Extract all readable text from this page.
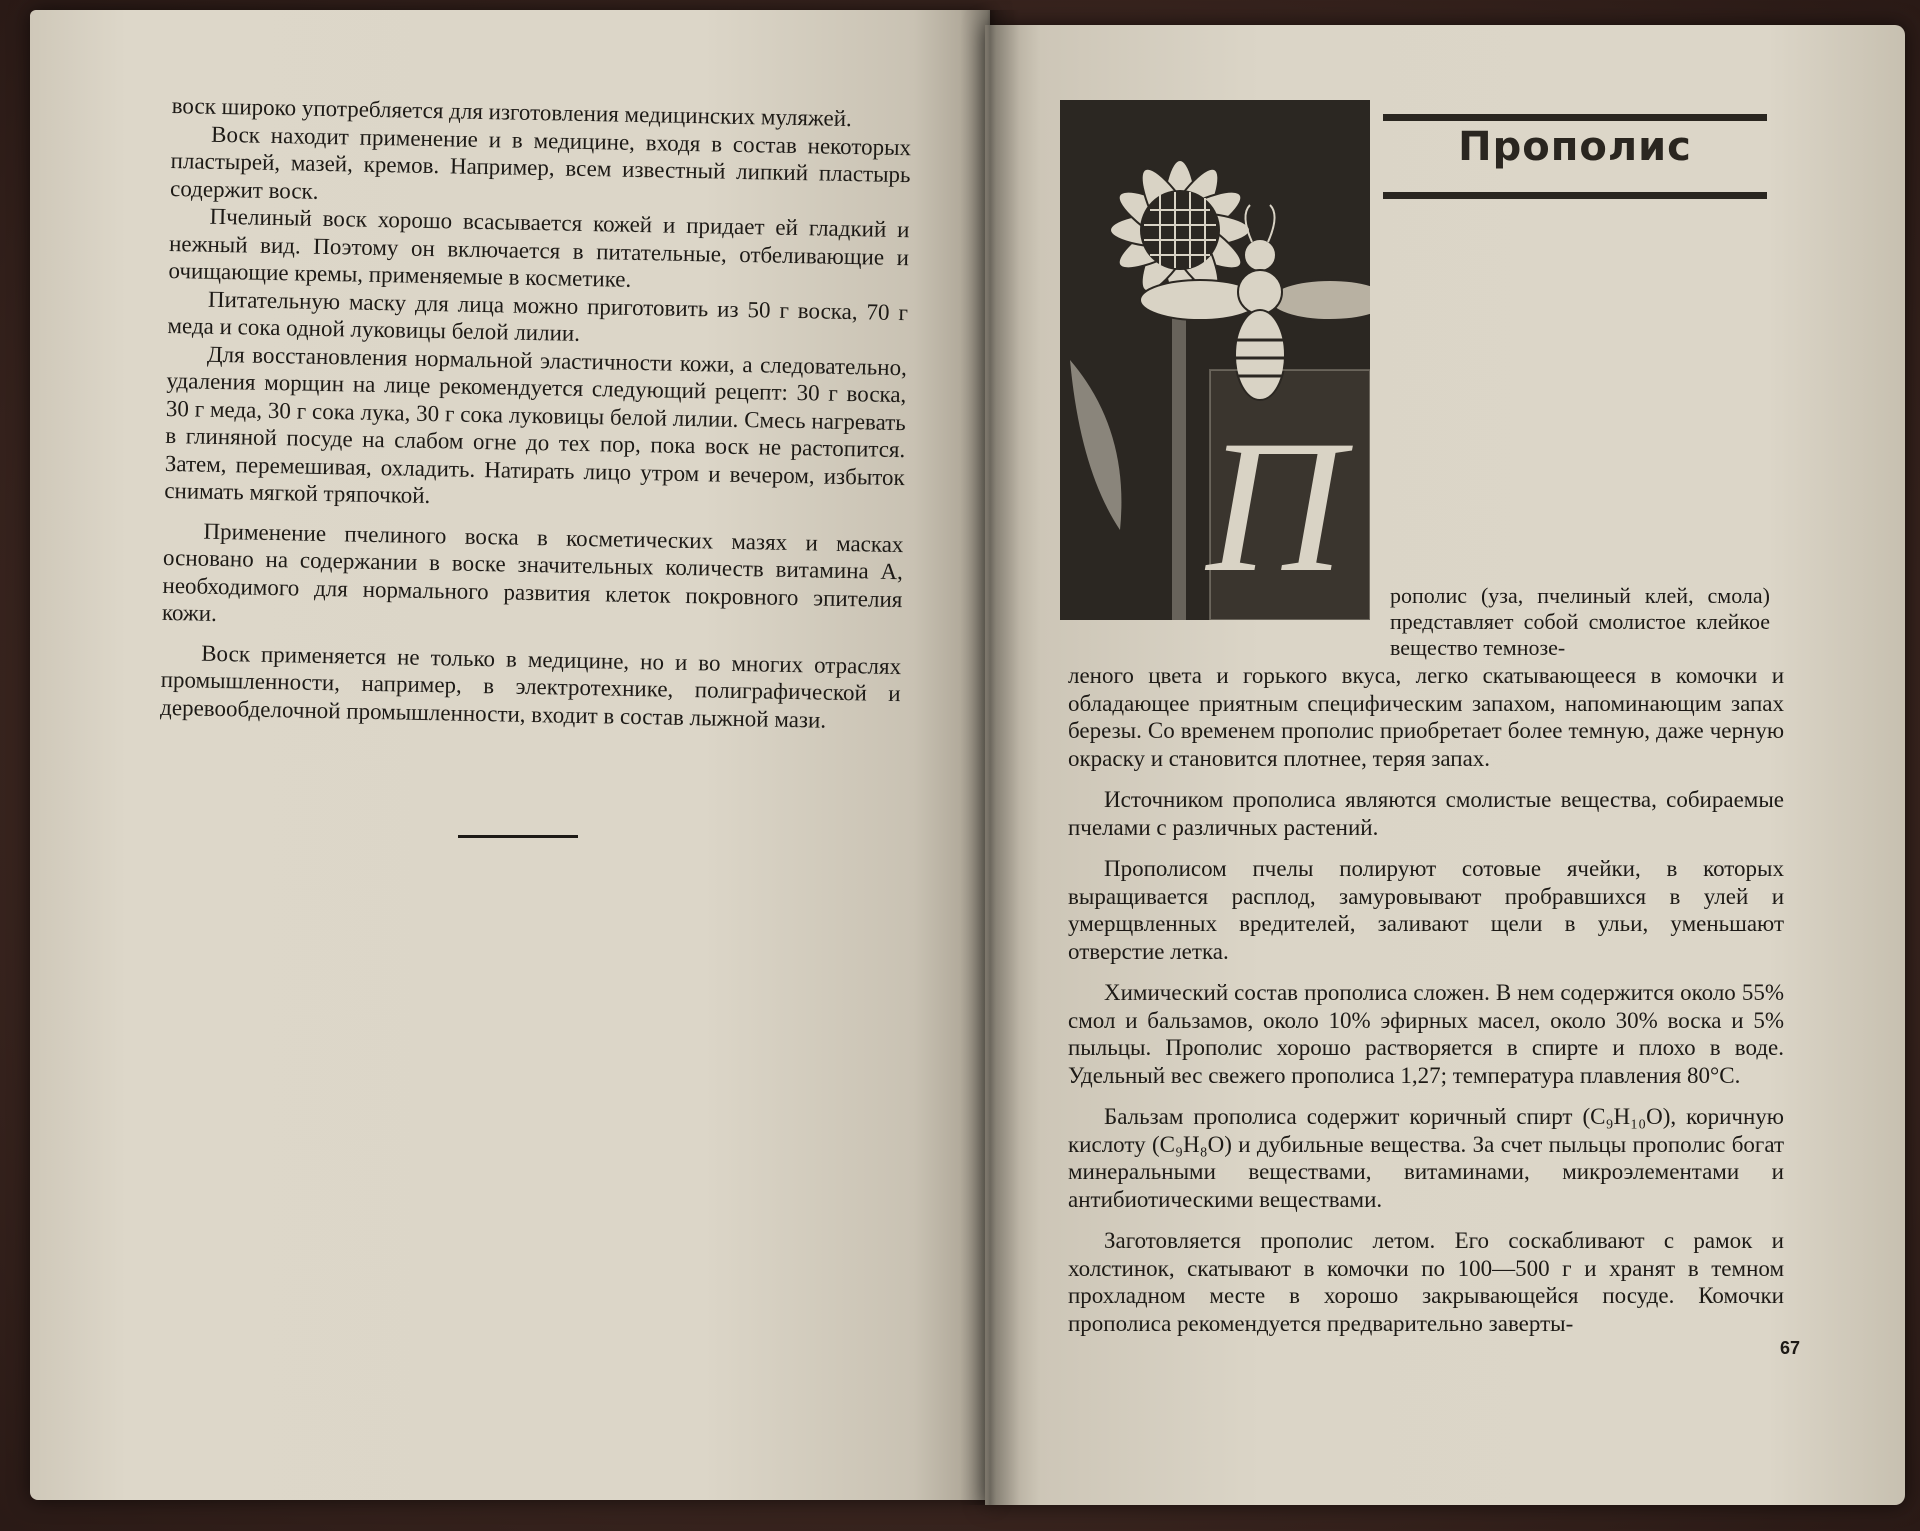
воск широко употребляется для изготовления медицинских муляжей.

Воск находит применение и в медицине, входя в состав некоторых пластырей, мазей, кремов. Например, всем известный липкий пластырь содержит воск.

Пчелиный воск хорошо всасывается кожей и придает ей гладкий и нежный вид. Поэтому он включается в питательные, отбеливающие и очищающие кремы, применяемые в косметике.

Питательную маску для лица можно приготовить из 50 г воска, 70 г меда и сока одной луковицы белой лилии.

Для восстановления нормальной эластичности кожи, а следовательно, удаления морщин на лице рекомендуется следующий рецепт: 30 г воска, 30 г меда, 30 г сока лука, 30 г сока луковицы белой лилии. Смесь нагревать в глиняной посуде на слабом огне до тех пор, пока воск не растопится. Затем, перемешивая, охладить. Натирать лицо утром и вечером, избыток снимать мягкой тряпочкой.

Применение пчелиного воска в косметических мазях и масках основано на содержании в воске значительных количеств витамина А, необходимого для нормального развития клеток покровного эпителия кожи.

Воск применяется не только в медицине, но и во многих отраслях промышленности, например, в электротехнике, полиграфической и деревообделочной промышленности, входит в состав лыжной мази.

П
Прополис
рополис (уза, пчелиный клей, смола) представляет собой смолистое клейкое вещество темнозе-

леного цвета и горького вкуса, легко скатывающееся в комочки и обладающее приятным специфическим запахом, напоминающим запах березы. Со временем прополис приобретает более темную, даже черную окраску и становится плотнее, теряя запах.

Источником прополиса являются смолистые вещества, собираемые пчелами с различных растений.

Прополисом пчелы полируют сотовые ячейки, в которых выращивается расплод, замуровывают пробравшихся в улей и умерщвленных вредителей, заливают щели в ульи, уменьшают отверстие летка.

Химический состав прополиса сложен. В нем содержится около 55% смол и бальзамов, около 10% эфирных масел, около 30% воска и 5% пыльцы. Прополис хорошо растворяется в спирте и плохо в воде. Удельный вес свежего прополиса 1,27; температура плавления 80°С.

Бальзам прополиса содержит коричный спирт (C₉H₁₀O), коричную кислоту (C₉H₈O) и дубильные вещества. За счет пыльцы прополис богат минеральными веществами, витаминами, микроэлементами и антибиотическими веществами.

Заготовляется прополис летом. Его соскабливают с рамок и холстинок, скатывают в комочки по 100—500 г и хранят в темном прохладном месте в хорошо закрывающейся посуде. Комочки прополиса рекомендуется предварительно заверты-

67
